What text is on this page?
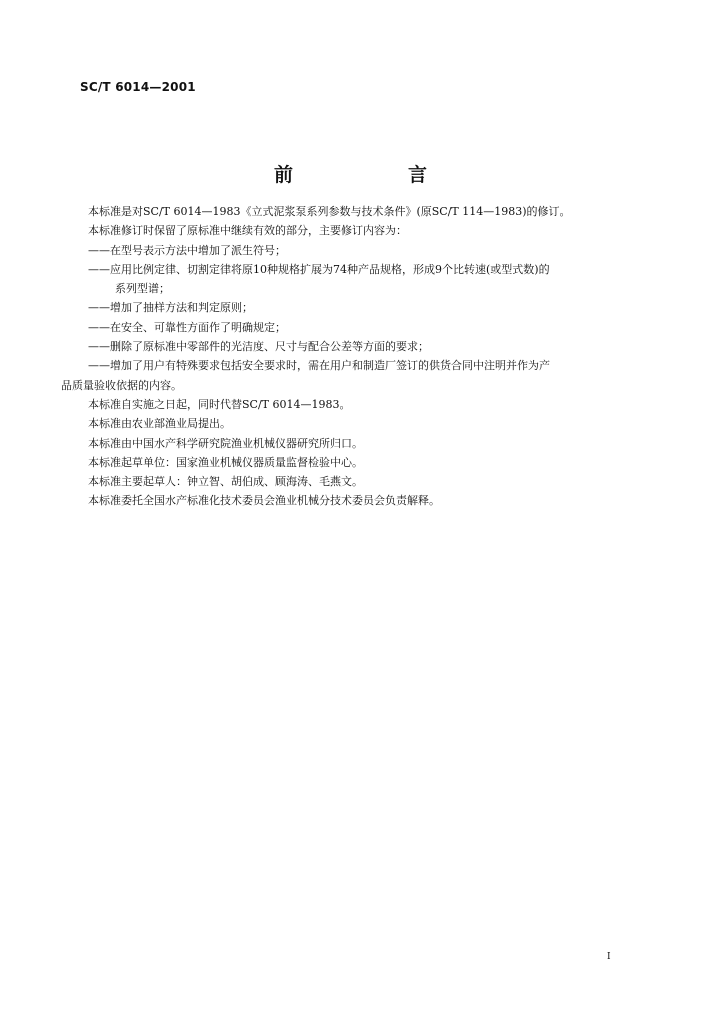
SC/T 6014—2001
前　言

本标准是对SC/T 6014—1983《立式泥浆泵系列参数与技术条件》(原SC/T 114—1983)的修订。

本标准修订时保留了原标准中继续有效的部分，主要修订内容为：

——在型号表示方法中增加了派生符号；

——应用比例定律、切割定律将原10种规格扩展为74种产品规格，形成9个比转速(或型式数)的

系列型谱；

——增加了抽样方法和判定原则；

——在安全、可靠性方面作了明确规定；

——删除了原标准中零部件的光洁度、尺寸与配合公差等方面的要求；

——增加了用户有特殊要求包括安全要求时，需在用户和制造厂签订的供货合同中注明并作为产

品质量验收依据的内容。

本标准自实施之日起，同时代替SC/T 6014—1983。

本标准由农业部渔业局提出。

本标准由中国水产科学研究院渔业机械仪器研究所归口。

本标准起草单位：国家渔业机械仪器质量监督检验中心。

本标准主要起草人：钟立智、胡伯成、顾海涛、毛燕文。

本标准委托全国水产标准化技术委员会渔业机械分技术委员会负责解释。

I
